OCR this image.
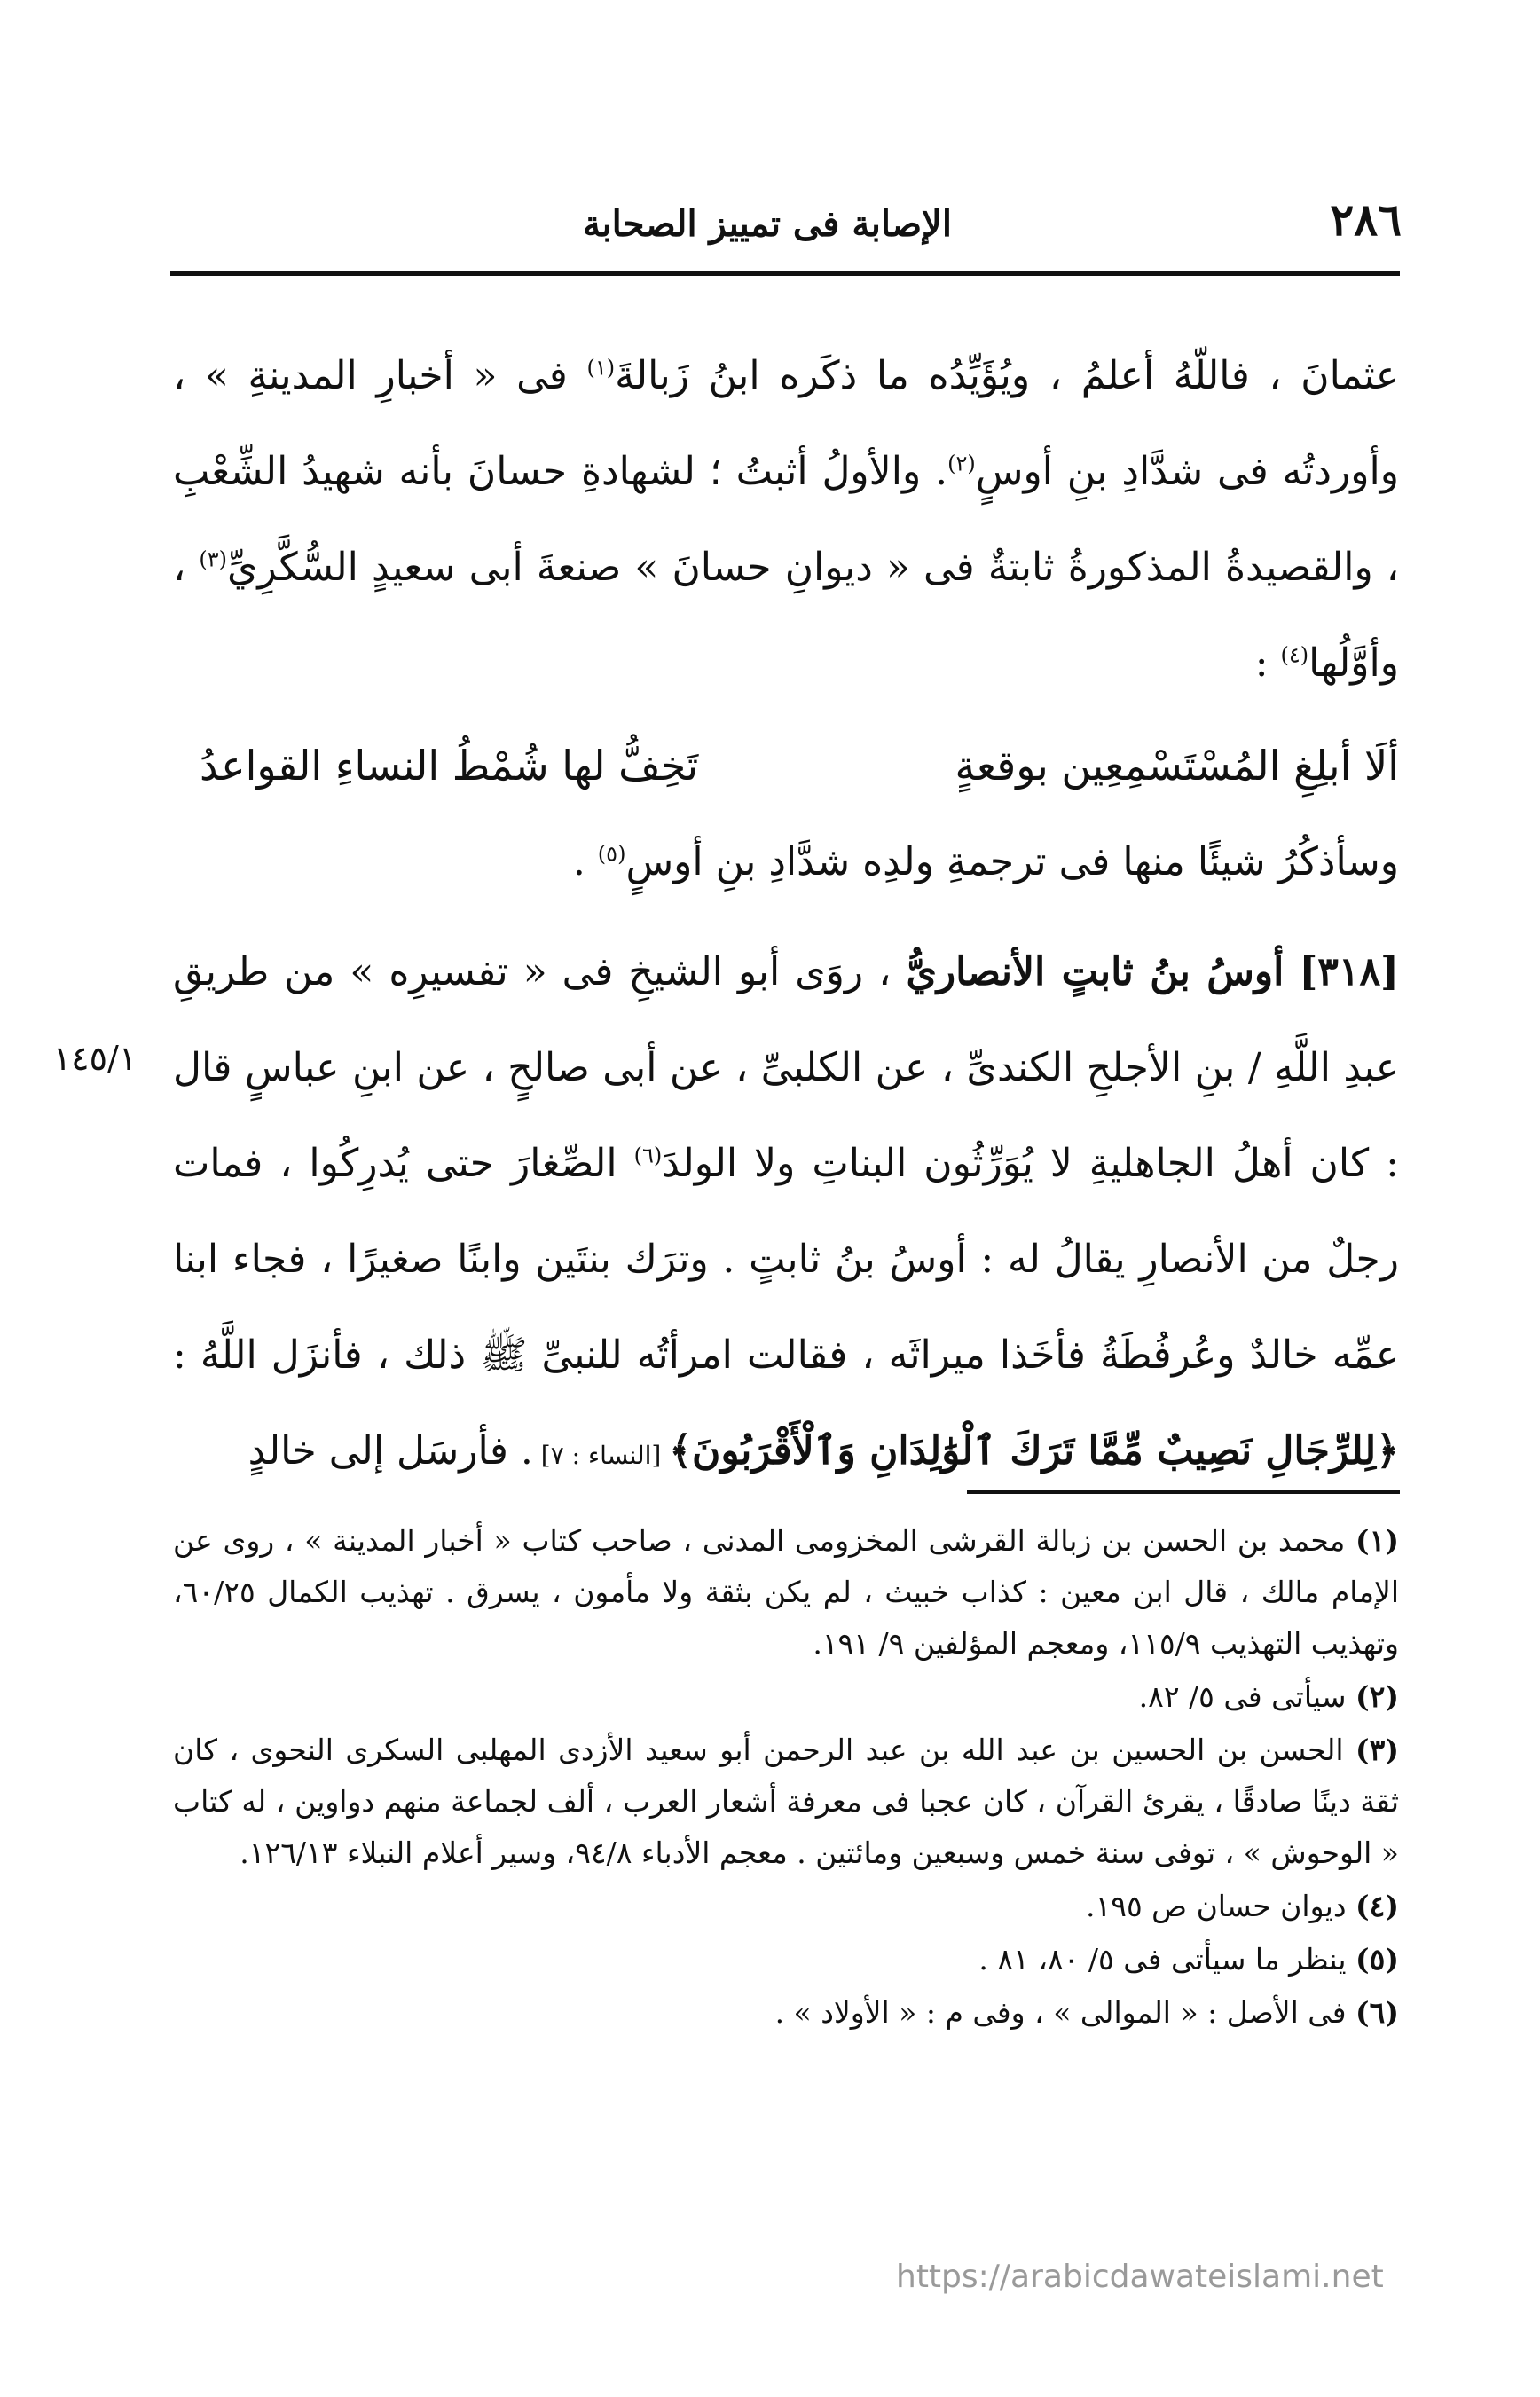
٢٨٦
الإصابة فى تمييز الصحابة

عثمانَ ، فاللّهُ أعلمُ ، ويُؤَيِّدُه ما ذكَره ابنُ زَبالةَ$^{(١)}$ فى « أخبارِ المدينةِ » ، وأوردتُه فى شدَّادِ بنِ أوسٍ$^{(٢)}$. والأولُ أثبتُ ؛ لشهادةِ حسانَ بأنه شهيدُ الشِّعْبِ ، والقصيدةُ المذكورةُ ثابتةٌ فى « ديوانِ حسانَ » صنعةَ أبى سعيدٍ السُّكَّرِيِّ$^{(٣)}$ ، وأوَّلُها$^{(٤)}$ :

ألَا أبلِغِ المُسْتَسْمِعِين بوقعةٍ
تَخِفُّ لها شُمْطُ النساءِ القواعدُ

وسأذكُرُ شيئًا منها فى ترجمةِ ولدِه شدَّادِ بنِ أوسٍ$^{(٥)}$ .

[٣١٨] أوسُ بنُ ثابتٍ الأنصاريُّ ، روَى أبو الشيخِ فى « تفسيرِه » من طريقِ عبدِ اللَّهِ / بنِ الأجلحِ الكندىِّ ، عن الكلبىِّ ، عن أبى صالحٍ ، عن ابنِ عباسٍ قال : كان أهلُ الجاهليةِ لا يُوَرِّثُون البناتِ ولا الولدَ$^{(٦)}$ الصِّغارَ حتى يُدرِكُوا ، فمات رجلٌ من الأنصارِ يقالُ له : أوسُ بنُ ثابتٍ . وترَك بنتَين وابنًا صغيرًا ، فجاء ابنا عمِّه خالدٌ وعُرفُطَةُ فأخَذا ميراثَه ، فقالت امرأتُه للنبىِّ ﷺ ذلك ، فأنزَل اللَّهُ : ﴿لِلرِّجَالِ نَصِيبٌ مِّمَّا تَرَكَ ٱلْوَٰلِدَانِ وَٱلْأَقْرَبُونَ﴾ [النساء : ٧] . فأرسَل إلى خالدٍ

١٤٥/١

(١) محمد بن الحسن بن زبالة القرشى المخزومى المدنى ، صاحب كتاب « أخبار المدينة » ، روى عن الإمام مالك ، قال ابن معين : كذاب خبيث ، لم يكن بثقة ولا مأمون ، يسرق . تهذيب الكمال ٦٠/٢٥، وتهذيب التهذيب ١١٥/٩، ومعجم المؤلفين ٩/ ١٩١.

(٢) سيأتى فى ٥/ ٨٢.

(٣) الحسن بن الحسين بن عبد الله بن عبد الرحمن أبو سعيد الأزدى المهلبى السكرى النحوى ، كان ثقة دينًا صادقًا ، يقرئ القرآن ، كان عجبا فى معرفة أشعار العرب ، ألف لجماعة منهم دواوين ، له كتاب « الوحوش » ، توفى سنة خمس وسبعين ومائتين . معجم الأدباء ٩٤/٨، وسير أعلام النبلاء ١٢٦/١٣.

(٤) ديوان حسان ص ١٩٥.

(٥) ينظر ما سيأتى فى ٥/ ٨٠، ٨١ .

(٦) فى الأصل : « الموالى » ، وفى م : « الأولاد » .

https://arabicdawateislami.net
